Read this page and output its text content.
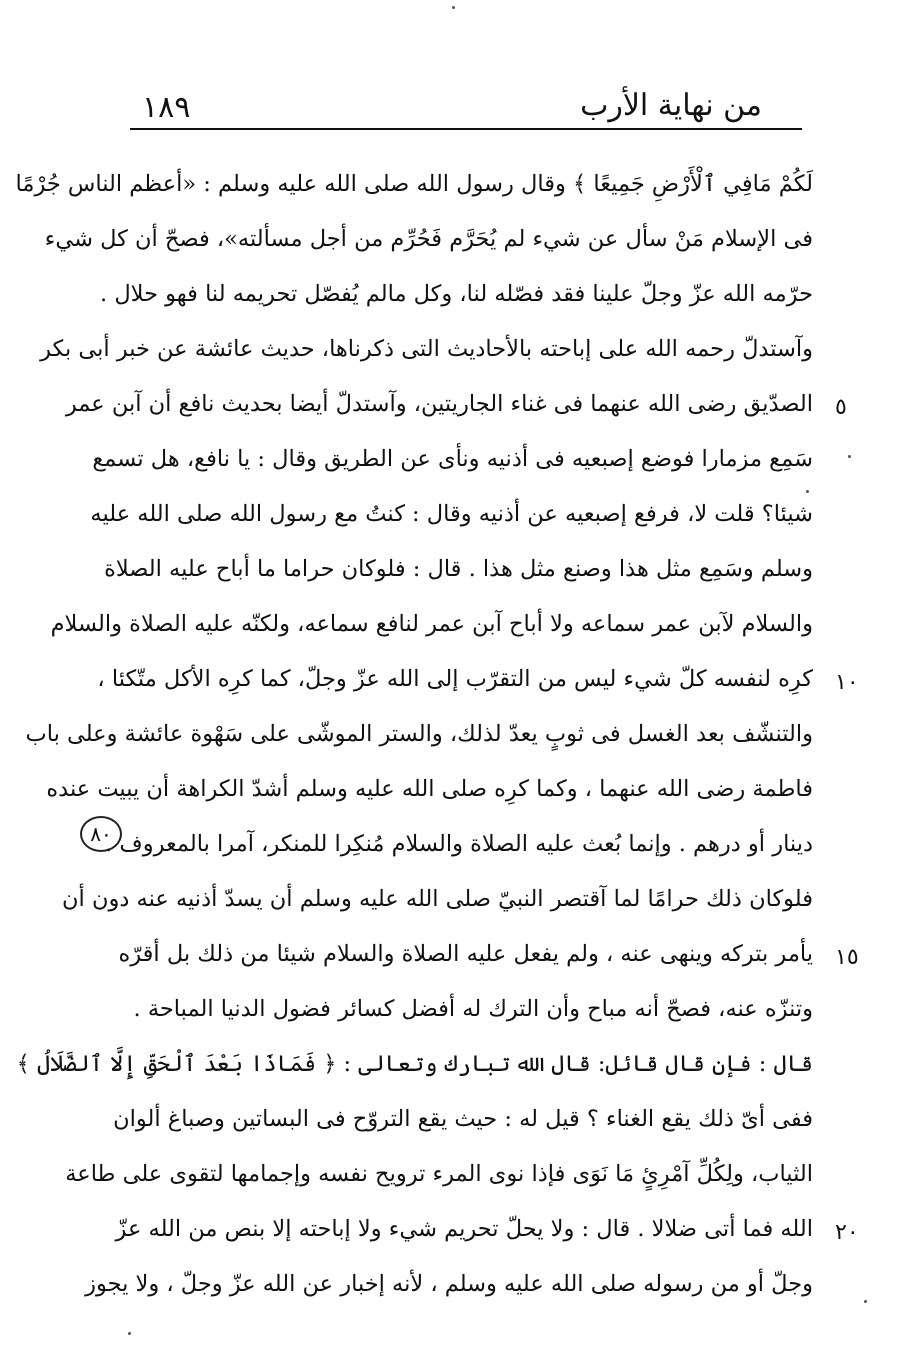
١٨٩	من نهاية الأرب
لَكُمْ مَافِي ٱلْأَرْضِ جَمِيعًا ﴾ وقال رسول الله صلى الله عليه وسلم : «أعظم الناس جُرْمًا
فى الإسلام مَنْ سأل عن شيء لم يُحَرَّم فَحُرِّم من أجل مسألته»، فصحّ أن كل شيء
حرّمه الله عزّ وجلّ علينا فقد فصّله لنا، وكل مالم يُفصّل تحريمه لنا فهو حلال .
وآستدلّ رحمه الله على إباحته بالأحاديث التى ذكرناها، حديث عائشة عن خبر أبى بكر
الصدّيق رضى الله عنهما فى غناء الجاريتين، وآستدلّ أيضا بحديث نافع أن آبن عمر
سَمِع مزمارا فوضع إصبعيه فى أذنيه ونأى عن الطريق وقال : يا نافع، هل تسمع
شيئا؟ قلت لا، فرفع إصبعيه عن أذنيه وقال : كنتُ مع رسول الله صلى الله عليه
وسلم وسَمِع مثل هذا وصنع مثل هذا . قال : فلوكان حراما ما أباح عليه الصلاة
والسلام لآبن عمر سماعه ولا أباح آبن عمر لنافع سماعه، ولكنّه عليه الصلاة والسلام
كرِه لنفسه كلّ شيء ليس من التقرّب إلى الله عزّ وجلّ، كما كرِه الأكل متّكئا ،
والتنشّف بعد الغسل فى ثوبٍ يعدّ لذلك، والستر الموشّى على سَهْوة عائشة وعلى باب
فاطمة رضى الله عنهما ، وكما كرِه صلى الله عليه وسلم أشدّ الكراهة أن يبيت عنده
دينار أو درهم . وإنما بُعث عليه الصلاة والسلام مُنكِرا للمنكر، آمرا بالمعروف .
فلوكان ذلك حرامًا لما آقتصر النبيّ صلى الله عليه وسلم أن يسدّ أذنيه عنه دون أن
يأمر بتركه وينهى عنه ، ولم يفعل عليه الصلاة والسلام شيئا من ذلك بل أقرّه
وتنزّه عنه، فصحّ أنه مباح وأن الترك له أفضل كسائر فضول الدنيا المباحة .
قال : فإن قال قائل: قال الله تبارك وتعالى : ﴿ فَمَاذَا بَعْدَ ٱلْحَقِّ إِلَّا ٱلضَّلَالُ ﴾
ففى أىّ ذلك يقع الغناء ؟ قيل له : حيث يقع التروّح فى البساتين وصباغ ألوان
الثياب، ولِكُلِّ آمْرِئٍ مَا نَوَى فإذا نوى المرء ترويح نفسه وإجمامها لتقوى على طاعة
الله فما أتى ضلالا . قال : ولا يحلّ تحريم شيء ولا إباحته إلا بنص من الله عزّ
وجلّ أو من رسوله صلى الله عليه وسلم ، لأنه إخبار عن الله عزّ وجلّ ، ولا يجوز
٥
١٠
١٥
٢٠
٨٠
